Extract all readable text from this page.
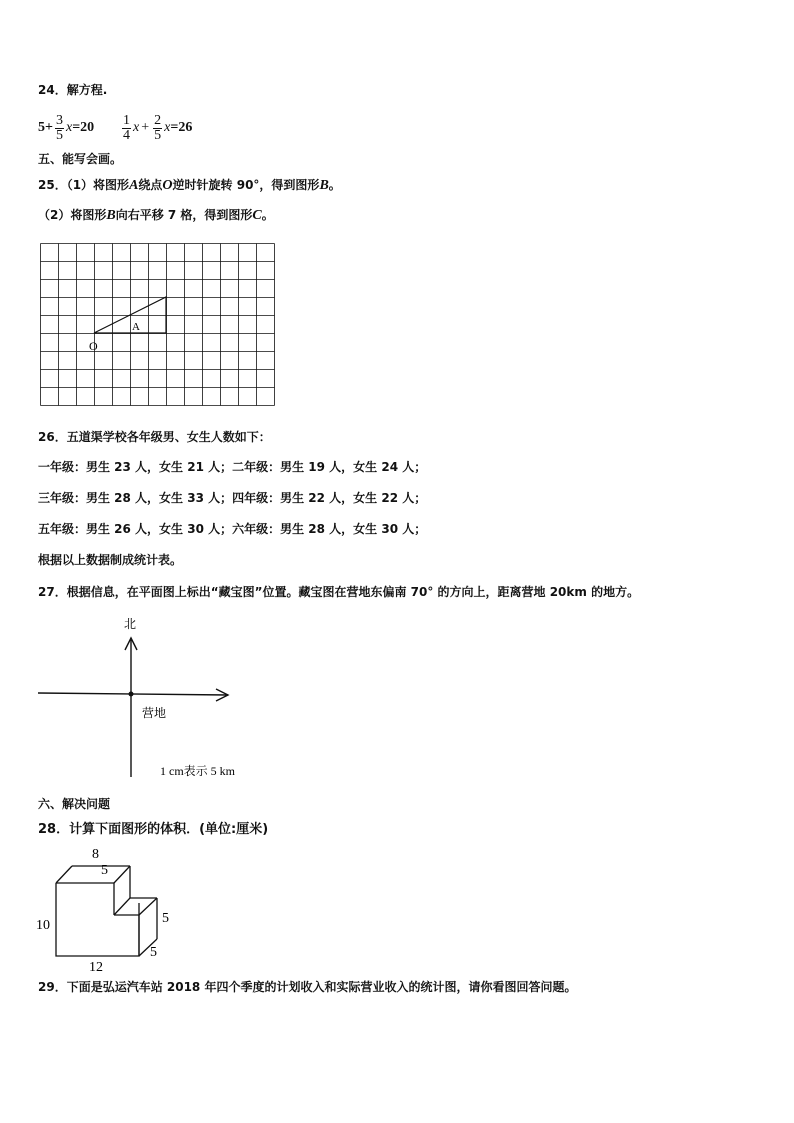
24．解方程.
$5+ \frac{3}{5}$ $x =20 \frac{1}{4}$ $x + \frac{2}{5}$ x =26
五、能写会画。
25．（1）将图形A绕点O逆时针旋转 90°，得到图形B。
（2）将图形B向右平移 7 格，得到图形C。
A
O
26．五道渠学校各年级男、女生人数如下：
一年级：男生 23 人，女生 21 人；二年级：男生 19 人，女生 24 人；
三年级：男生 28 人，女生 33 人；四年级：男生 22 人，女生 22 人；
五年级：男生 26 人，女生 30 人；六年级：男生 28 人，女生 30 人；
根据以上数据制成统计表。
27．根据信息，在平面图上标出“藏宝图”位置。藏宝图在营地东偏南 70° 的方向上，距离营地 20km 的地方。
北
营地
1 cm表示 5 km
六、解决问题
28．计算下面图形的体积．(单位:厘米)
8
5
5
5
10
12
29．下面是弘运汽车站 2018 年四个季度的计划收入和实际营业收入的统计图，请你看图回答问题。
